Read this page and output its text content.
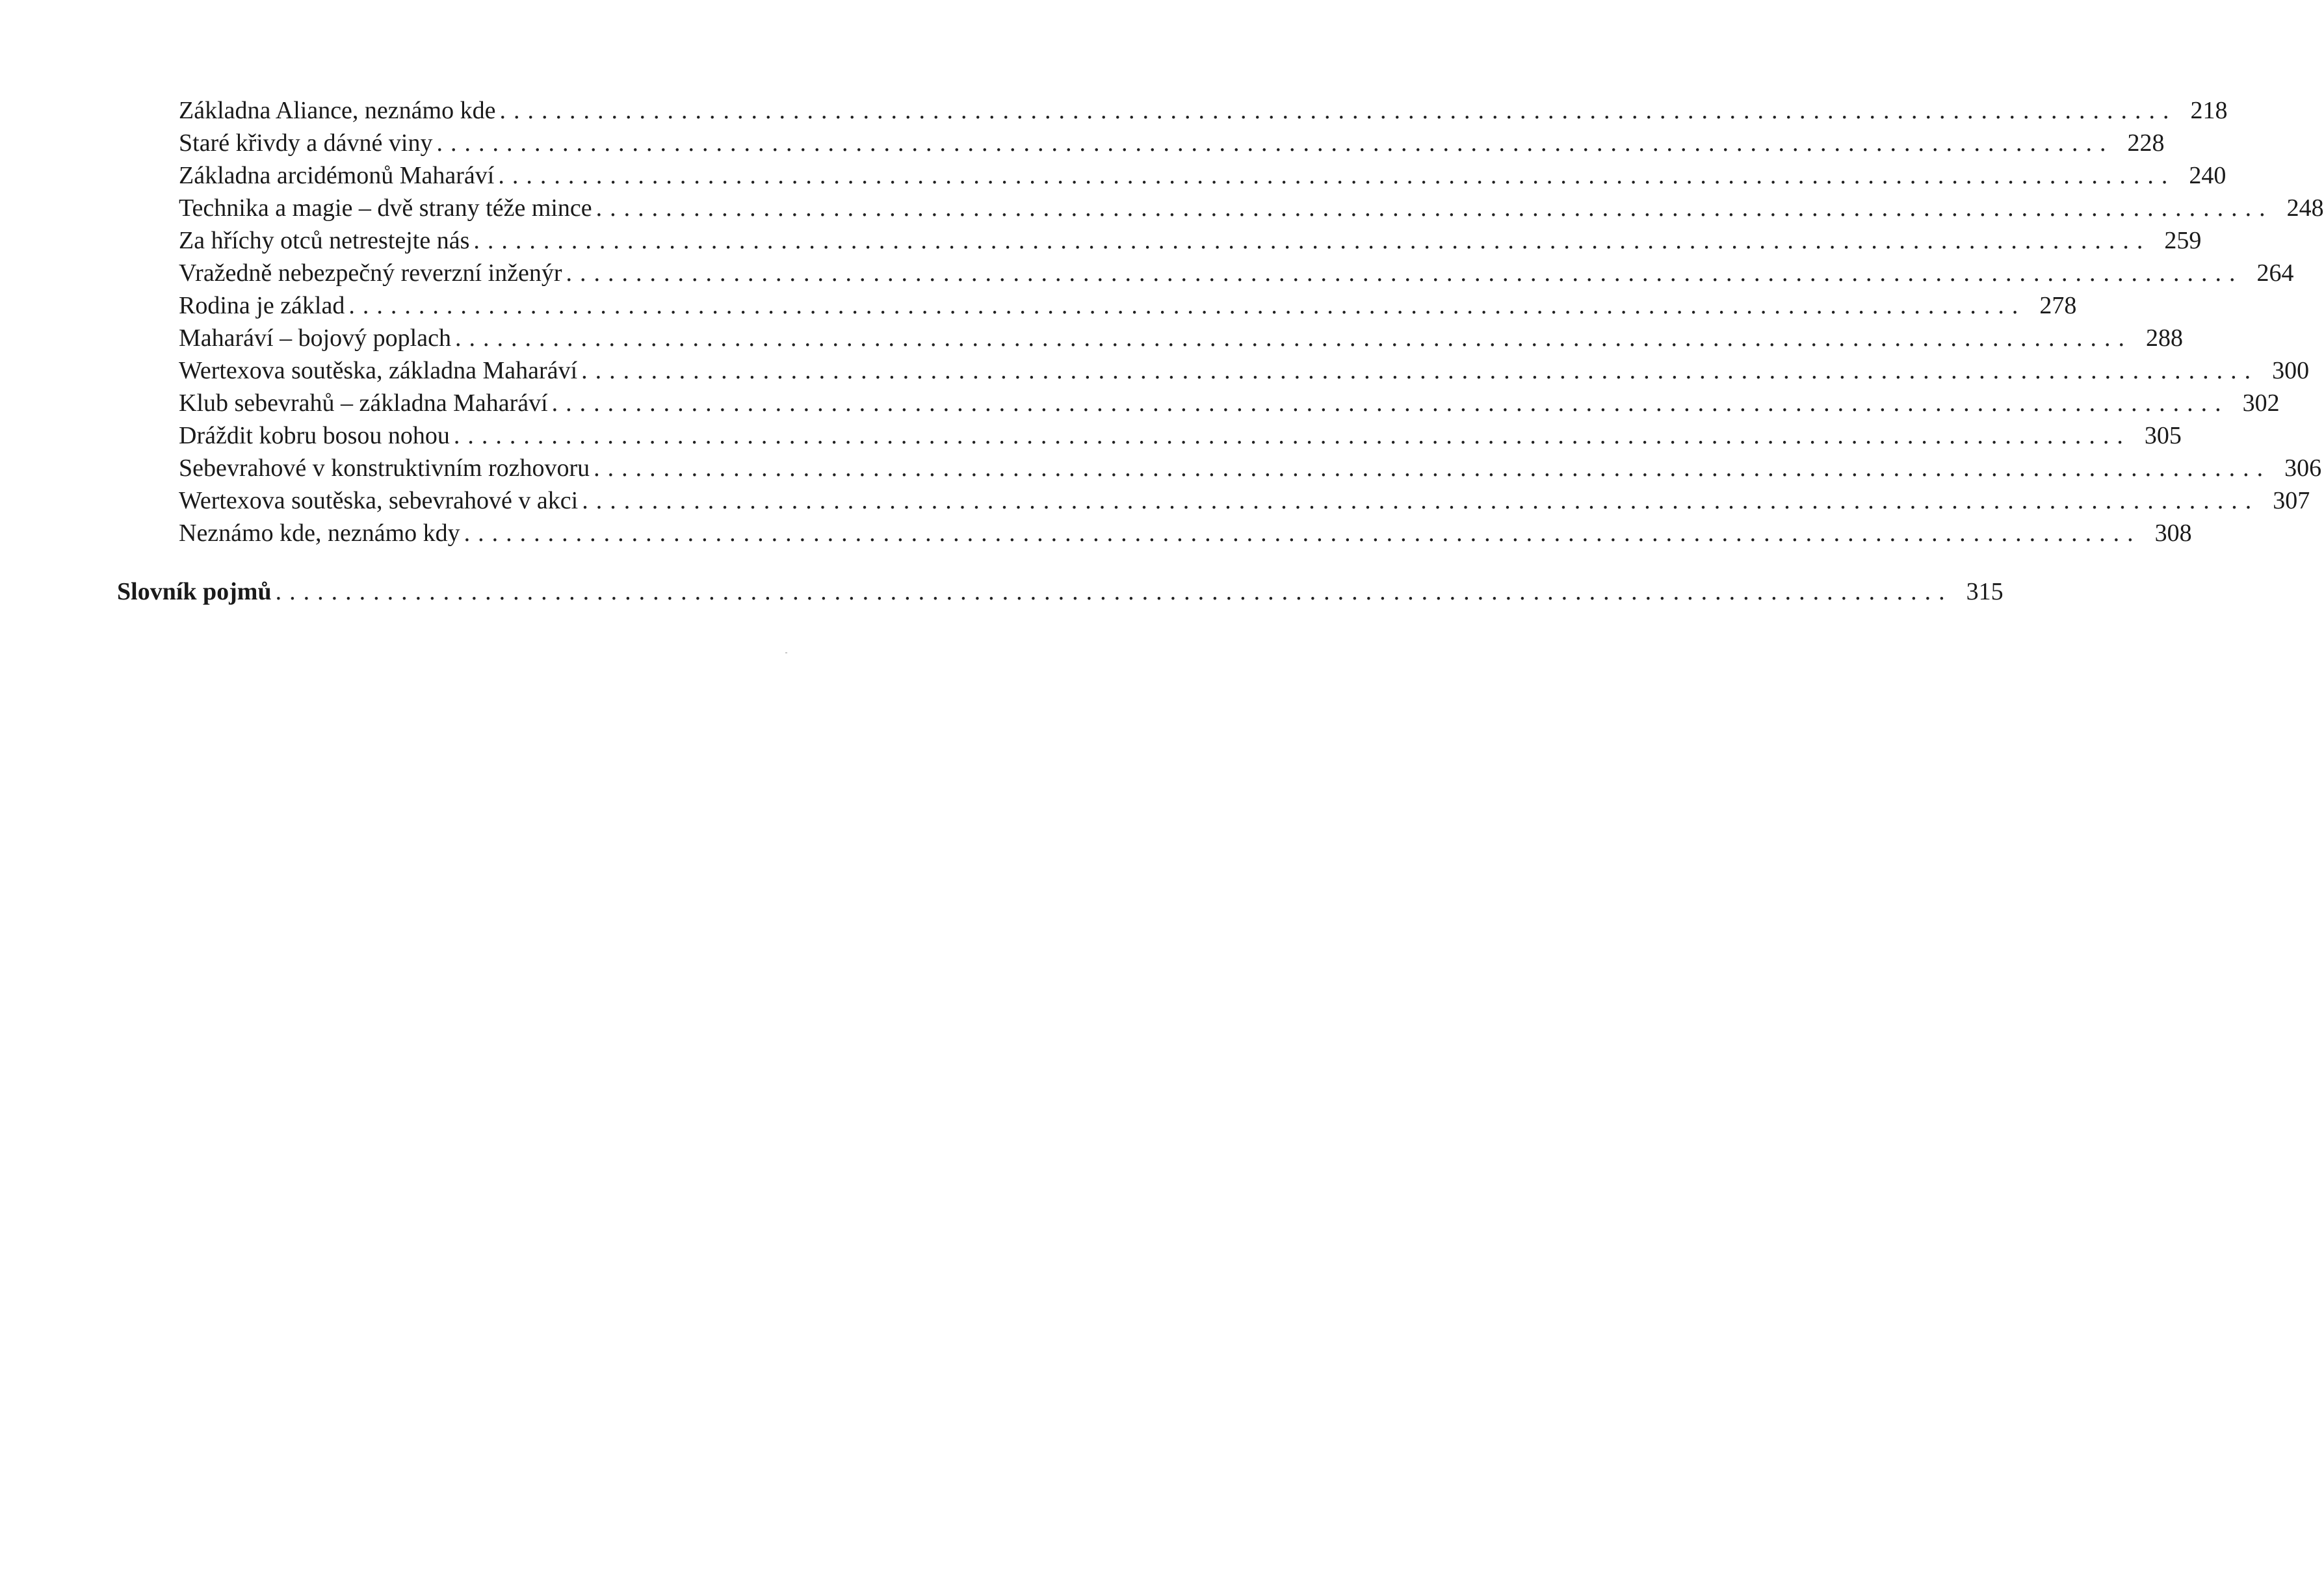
Základna Aliance, neznámo kde ........................................................................................................................ 218
Staré křivdy a dávné viny ........................................................................................................................ 228
Základna arcidémonů Maharáví ........................................................................................................................ 240
Technika a magie – dvě strany téže mince ........................................................................................................................ 248
Za hříchy otců netrestejte nás ........................................................................................................................ 259
Vražedně nebezpečný reverzní inženýr ........................................................................................................................ 264
Rodina je základ ........................................................................................................................ 278
Maharáví – bojový poplach ........................................................................................................................ 288
Wertexova soutěska, základna Maharáví ........................................................................................................................ 300
Klub sebevrahů – základna Maharáví ........................................................................................................................ 302
Dráždit kobru bosou nohou ........................................................................................................................ 305
Sebevrahové v konstruktivním rozhovoru ........................................................................................................................ 306
Wertexova soutěska, sebevrahové v akci ........................................................................................................................ 307
Neznámo kde, neznámo kdy ........................................................................................................................ 308
Slovník pojmů ........................................................................................................................ 315
